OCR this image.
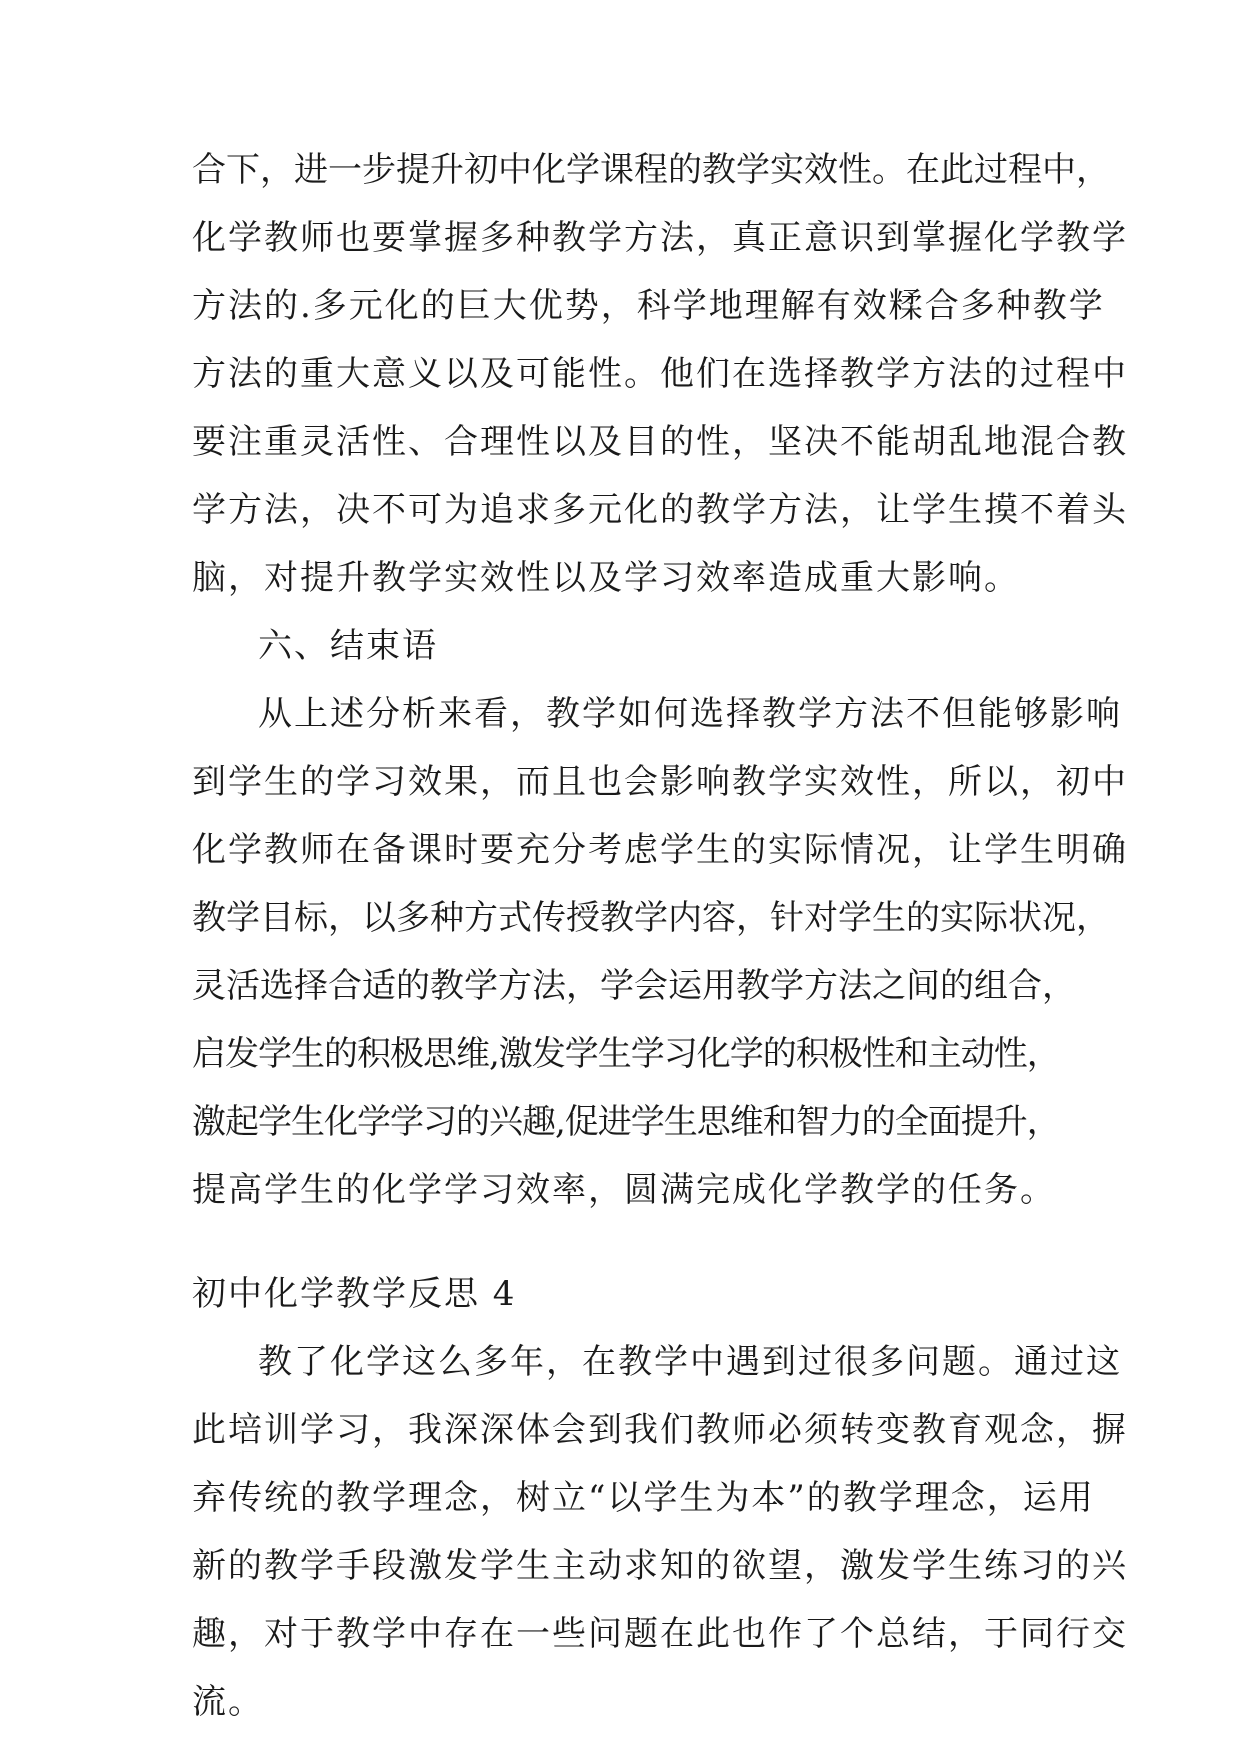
合下，进一步提升初中化学课程的教学实效性。在此过程中，
化学教师也要掌握多种教学方法，真正意识到掌握化学教学
方法的.多元化的巨大优势，科学地理解有效糅合多种教学
方法的重大意义以及可能性。他们在选择教学方法的过程中
要注重灵活性、合理性以及目的性，坚决不能胡乱地混合教
学方法，决不可为追求多元化的教学方法，让学生摸不着头
脑，对提升教学实效性以及学习效率造成重大影响。
六、结束语
从上述分析来看，教学如何选择教学方法不但能够影响
到学生的学习效果，而且也会影响教学实效性，所以，初中
化学教师在备课时要充分考虑学生的实际情况，让学生明确
教学目标，以多种方式传授教学内容，针对学生的实际状况，
灵活选择合适的教学方法，学会运用教学方法之间的组合，
启发学生的积极思维,激发学生学习化学的积极性和主动性，
激起学生化学学习的兴趣,促进学生思维和智力的全面提升，
提高学生的化学学习效率，圆满完成化学教学的任务。
初中化学教学反思 4
教了化学这么多年，在教学中遇到过很多问题。通过这
此培训学习，我深深体会到我们教师必须转变教育观念，摒
弃传统的教学理念，树立“以学生为本”的教学理念，运用
新的教学手段激发学生主动求知的欲望，激发学生练习的兴
趣，对于教学中存在一些问题在此也作了个总结，于同行交
流。
